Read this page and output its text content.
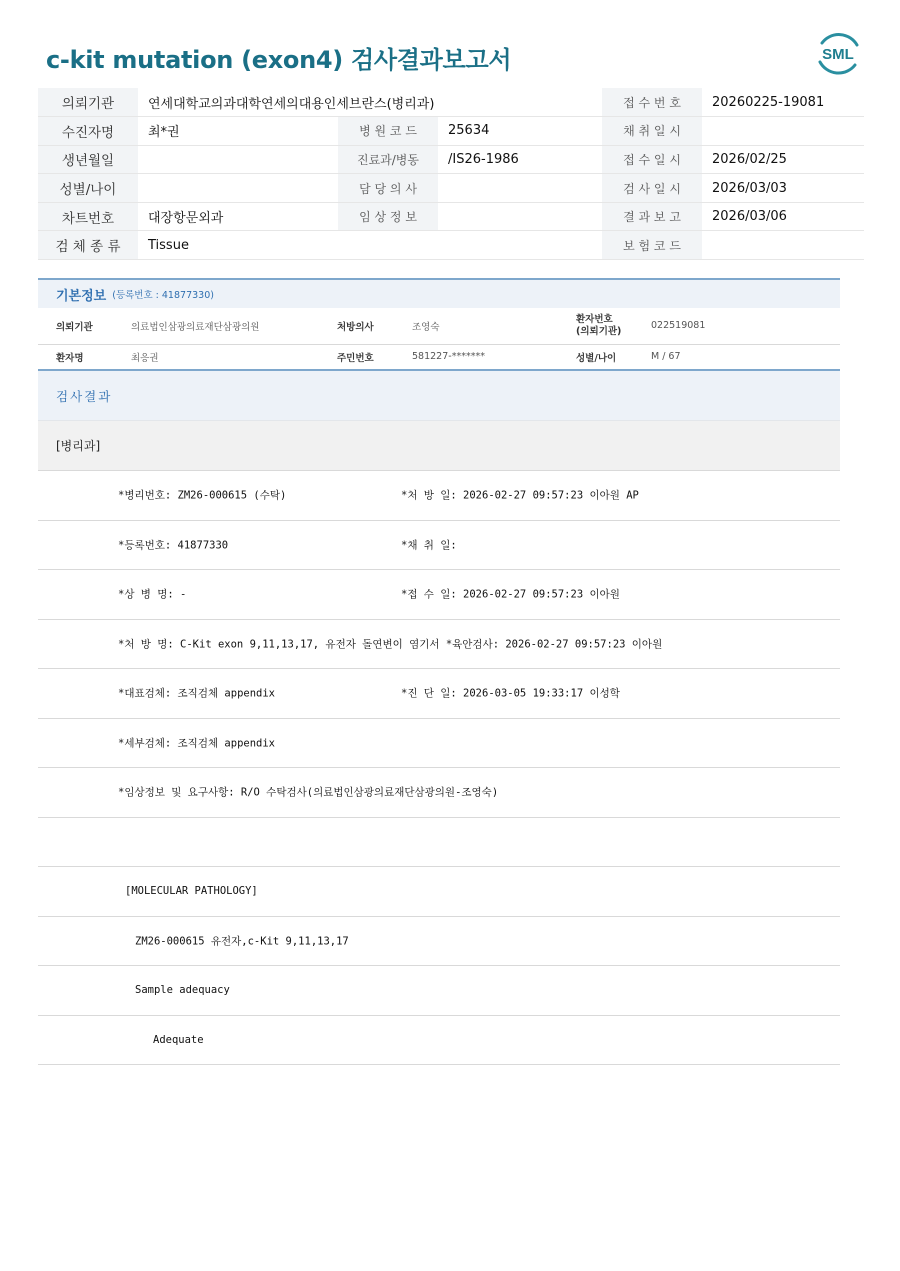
c-kit mutation (exon4) 검사결과보고서	SML
의뢰기관	연세대학교의과대학연세의대용인세브란스(병리과)			접 수 번 호	20260225-19081
수진자명	최*권	병 원 코 드	25634	채 취 일 시	
생년월일		진료과/병동	/IS26-1986	접 수 일 시	2026/02/25
성별/나이		담 당 의 사		검 사 일 시	2026/03/03
차트번호	대장항문외과	임 상 정 보		결 과 보 고	2026/03/06
검 체 종 류	Tissue			보 험 코 드	
기본정보 (등록번호 : 41877330)
의뢰기관	의료법인삼광의료재단삼광의원	처방의사	조영숙	환자번호
(의뢰기관)	022519081
환자명	최응권	주민번호	581227-*******	성별/나이	M / 67
검사결과
[병리과]
*병리번호: ZM26-000615 (수탁)	*처 방 일: 2026-02-27 09:57:23 이아원 AP
*등록번호: 41877330	*채 취 일:
*상 병 명: -	*접 수 일: 2026-02-27 09:57:23 이아원
*처 방 명: C-Kit exon 9,11,13,17, 유전자 돌연변이 염기서 *육안검사: 2026-02-27 09:57:23 이아원
*대표검체: 조직검체 appendix	*진 단 일: 2026-03-05 19:33:17 이성학
*세부검체: 조직검체 appendix
*임상정보 및 요구사항: R/O 수탁검사(의료법인삼광의료재단삼광의원-조영숙)
[MOLECULAR PATHOLOGY]
ZM26-000615 유전자,c-Kit 9,11,13,17
Sample adequacy
Adequate
